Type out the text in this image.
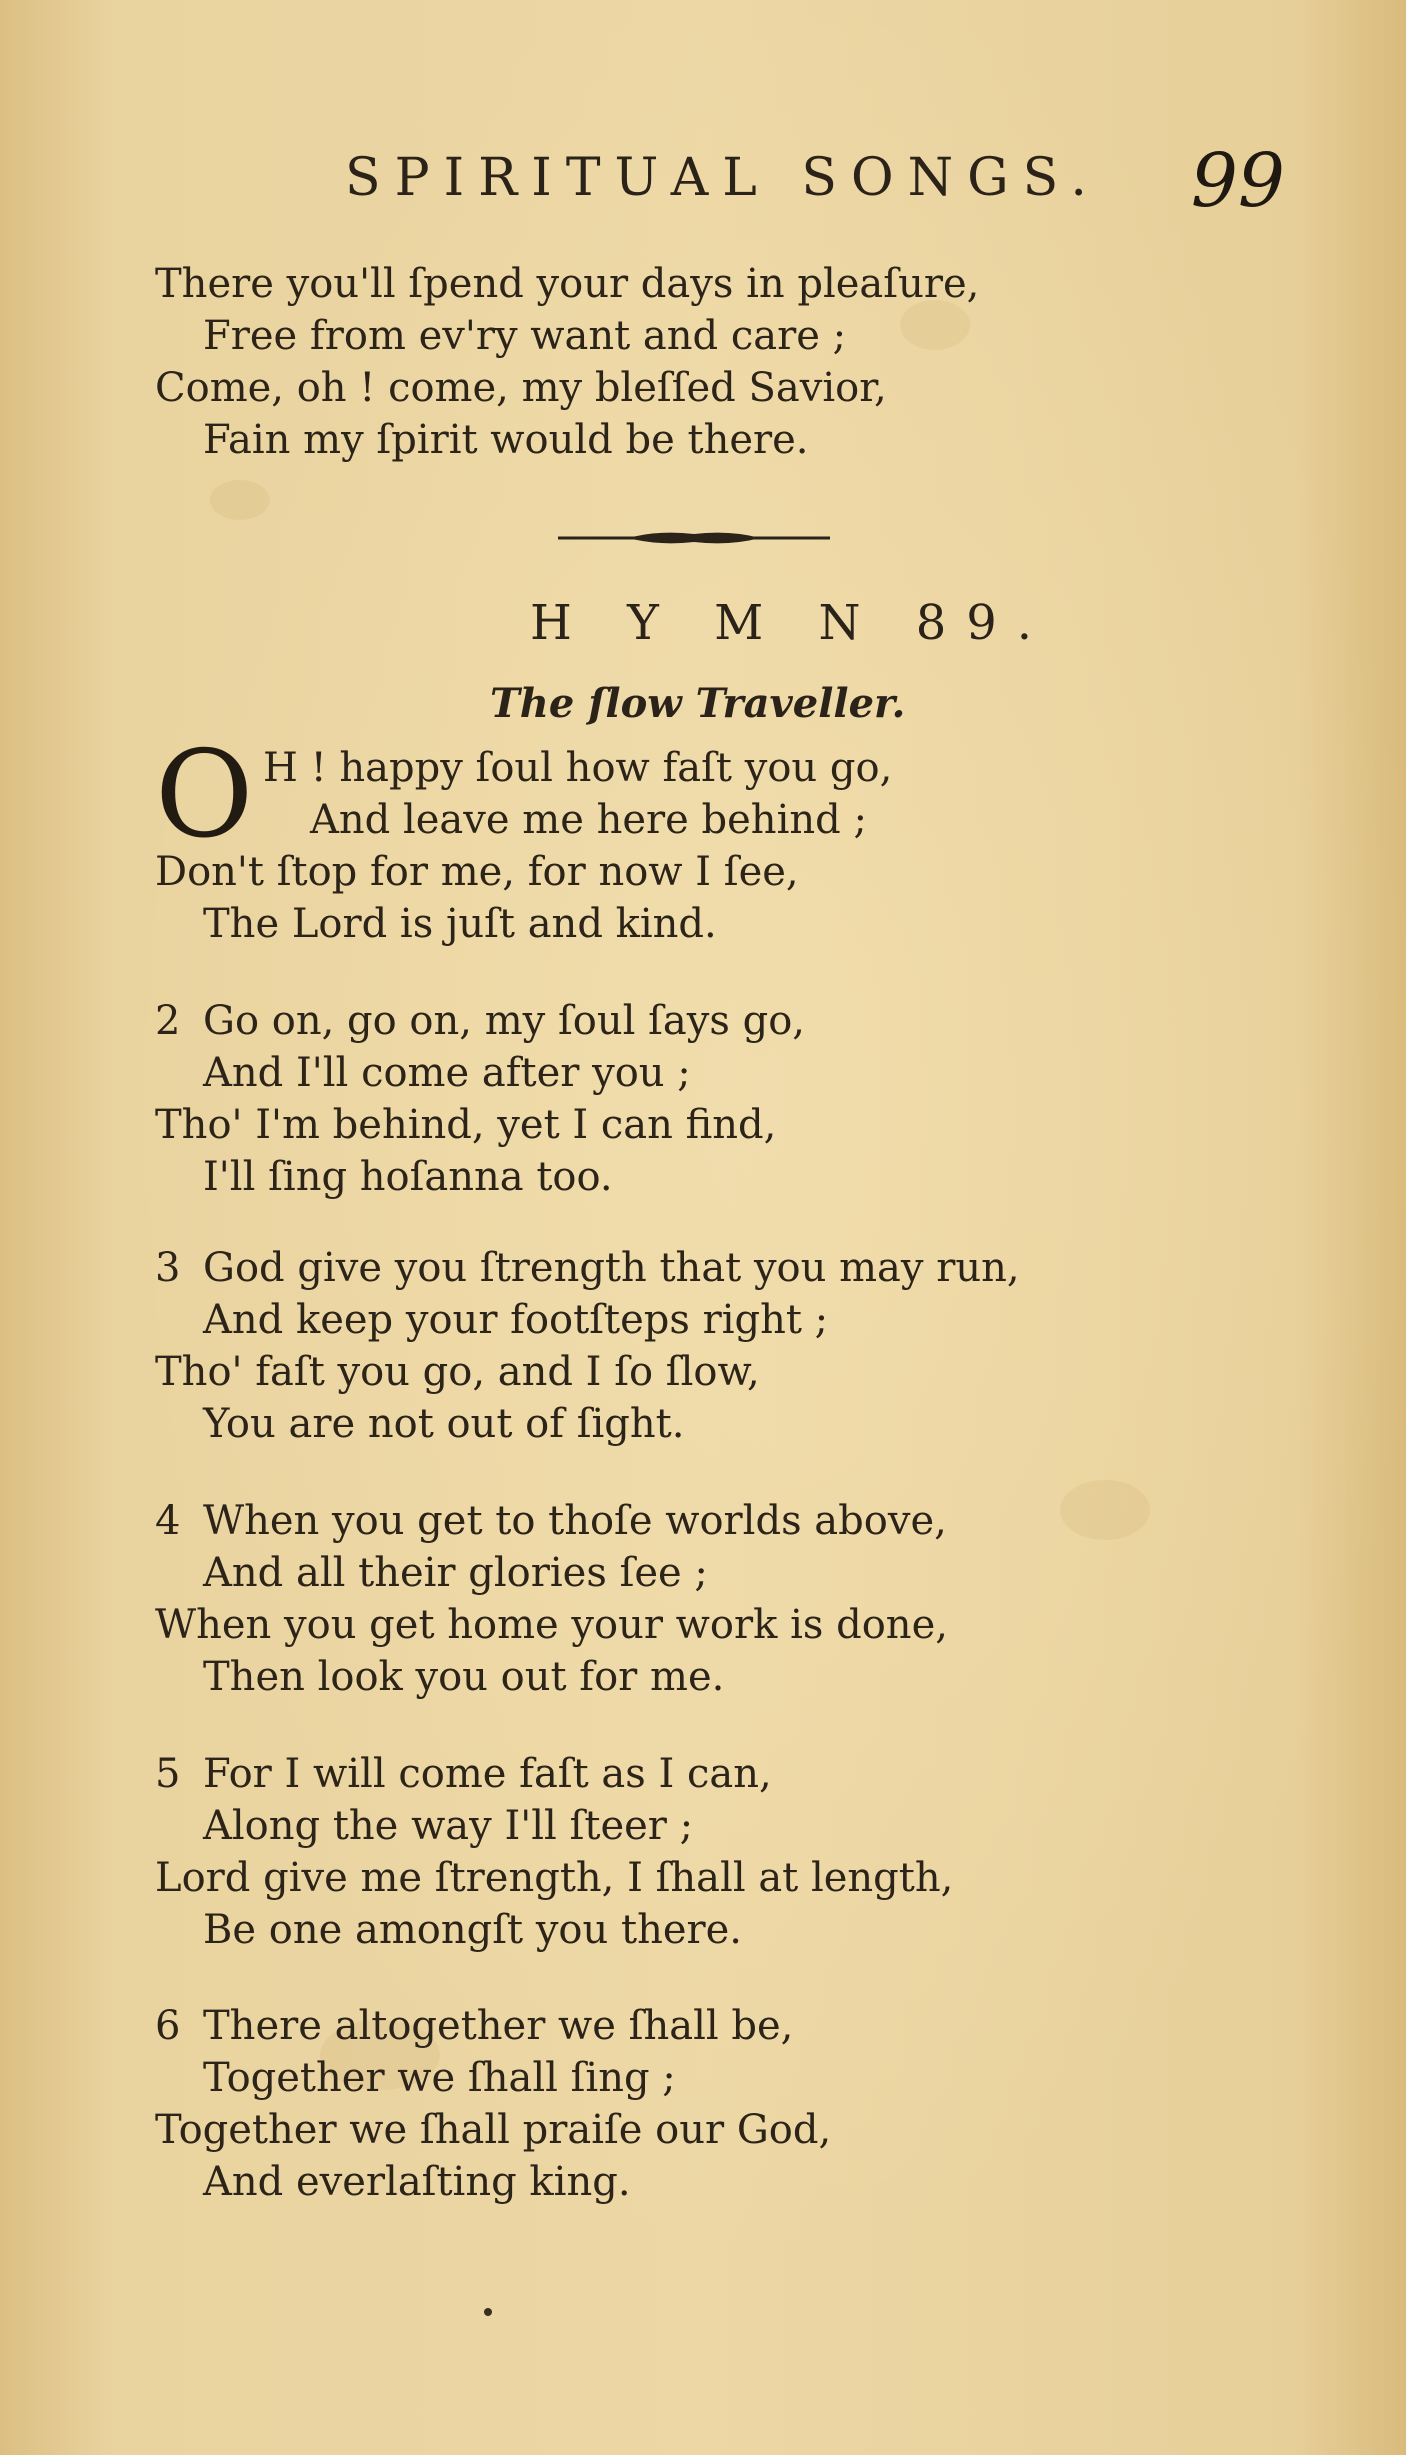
SPIRITUAL SONGS. 99
There you'll ſpend your days in pleaſure,
Free from ev'ry want and care ;
Come, oh ! come, my bleſſed Savior,
Fain my ſpirit would be there.
H Y M N 89.
The ſlow Traveller.
O H ! happy ſoul how faſt you go,
And leave me here behind ;
Don't ſtop for me, for now I ſee,
The Lord is juſt and kind.
2 Go on, go on, my ſoul ſays go,
And I'll come after you ;
Tho' I'm behind, yet I can find,
I'll ſing hoſanna too.
3 God give you ſtrength that you may run,
And keep your footſteps right ;
Tho' faſt you go, and I ſo ſlow,
You are not out of ſight.
4 When you get to thoſe worlds above,
And all their glories ſee ;
When you get home your work is done,
Then look you out for me.
5 For I will come faſt as I can,
Along the way I'll ſteer ;
Lord give me ſtrength, I ſhall at length,
Be one amongſt you there.
6 There altogether we ſhall be,
Together we ſhall ſing ;
Together we ſhall praiſe our God,
And everlaſting king.
